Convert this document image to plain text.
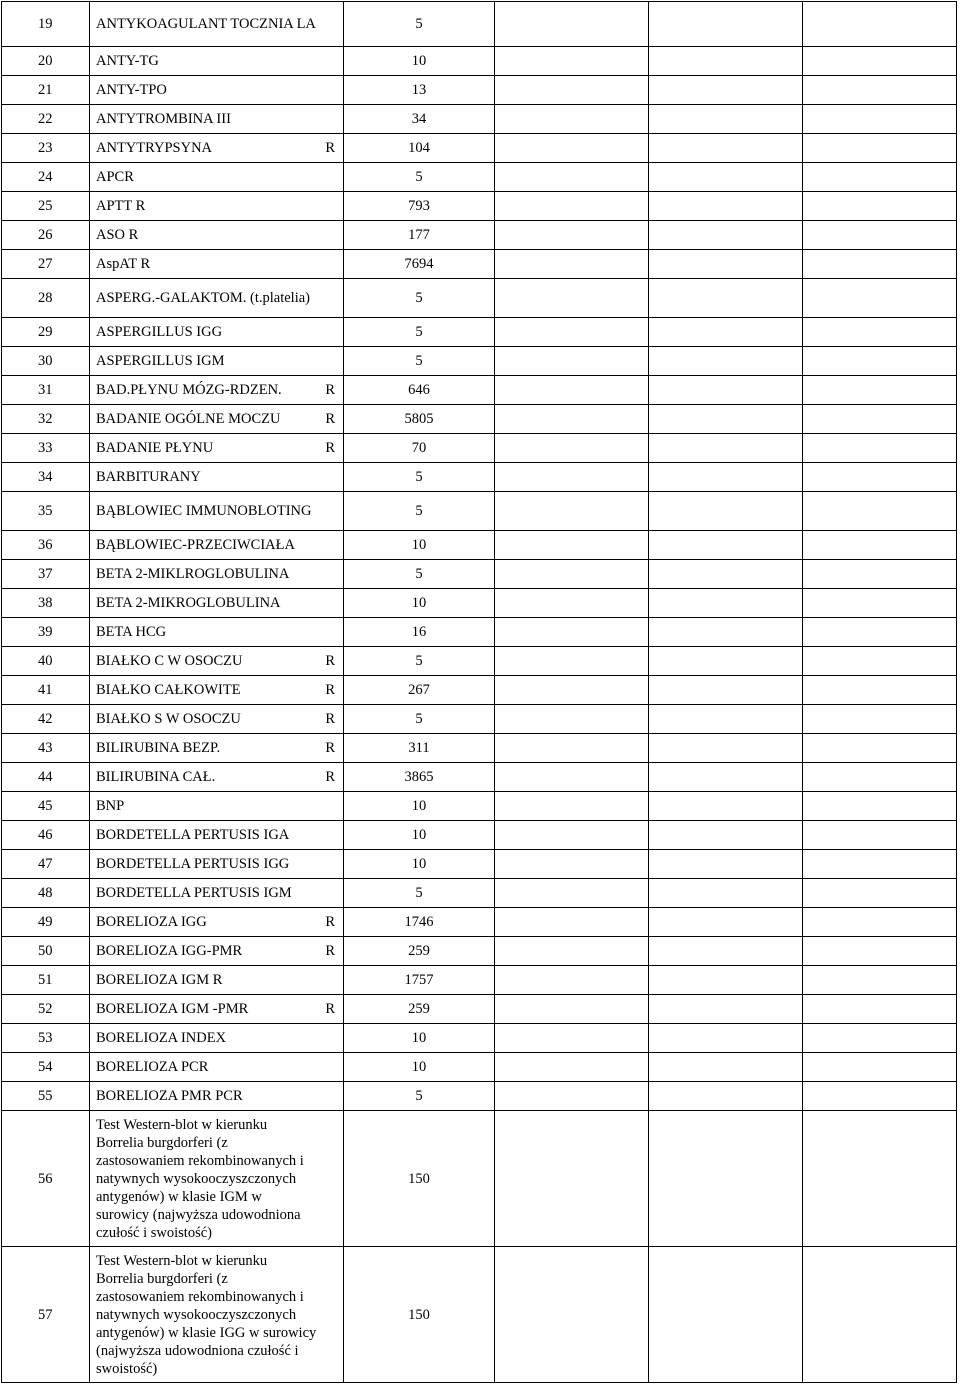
19	ANTYKOAGULANT TOCZNIA LA	5			
20	ANTY-TG	10			
21	ANTY-TPO	13			
22	ANTYTROMBINA III	34			
23	ANTYTRYPSYNA R	104			
24	APCR	5			
25	APTT R	793			
26	ASO R	177			
27	AspAT R	7694			
28	ASPERG.-GALAKTOM. (t.platelia)	5			
29	ASPERGILLUS IGG	5			
30	ASPERGILLUS IGM	5			
31	BAD.PŁYNU MÓZG-RDZEN. R	646			
32	BADANIE OGÓLNE MOCZU R	5805			
33	BADANIE PŁYNU R	70			
34	BARBITURANY	5			
35	BĄBLOWIEC IMMUNOBLOTING	5			
36	BĄBLOWIEC-PRZECIWCIAŁA	10			
37	BETA 2-MIKLROGLOBULINA	5			
38	BETA 2-MIKROGLOBULINA	10			
39	BETA HCG	16			
40	BIAŁKO C W OSOCZU R	5			
41	BIAŁKO CAŁKOWITE R	267			
42	BIAŁKO S W OSOCZU R	5			
43	BILIRUBINA BEZP. R	311			
44	BILIRUBINA CAŁ. R	3865			
45	BNP	10			
46	BORDETELLA PERTUSIS IGA	10			
47	BORDETELLA PERTUSIS IGG	10			
48	BORDETELLA PERTUSIS IGM	5			
49	BORELIOZA IGG R	1746			
50	BORELIOZA IGG-PMR R	259			
51	BORELIOZA IGM R	1757			
52	BORELIOZA IGM -PMR R	259			
53	BORELIOZA INDEX	10			
54	BORELIOZA PCR	10			
55	BORELIOZA PMR PCR	5			
56	Test Western-blot w kierunku Borrelia burgdorferi (z zastosowaniem rekombinowanych i natywnych wysokooczyszczonych antygenów) w klasie IGM w surowicy (najwyższa udowodniona czułość i swoistość)	150			
57	Test Western-blot w kierunku Borrelia burgdorferi (z zastosowaniem rekombinowanych i natywnych wysokooczyszczonych antygenów) w klasie IGG w surowicy (najwyższa udowodniona czułość i swoistość)	150			
